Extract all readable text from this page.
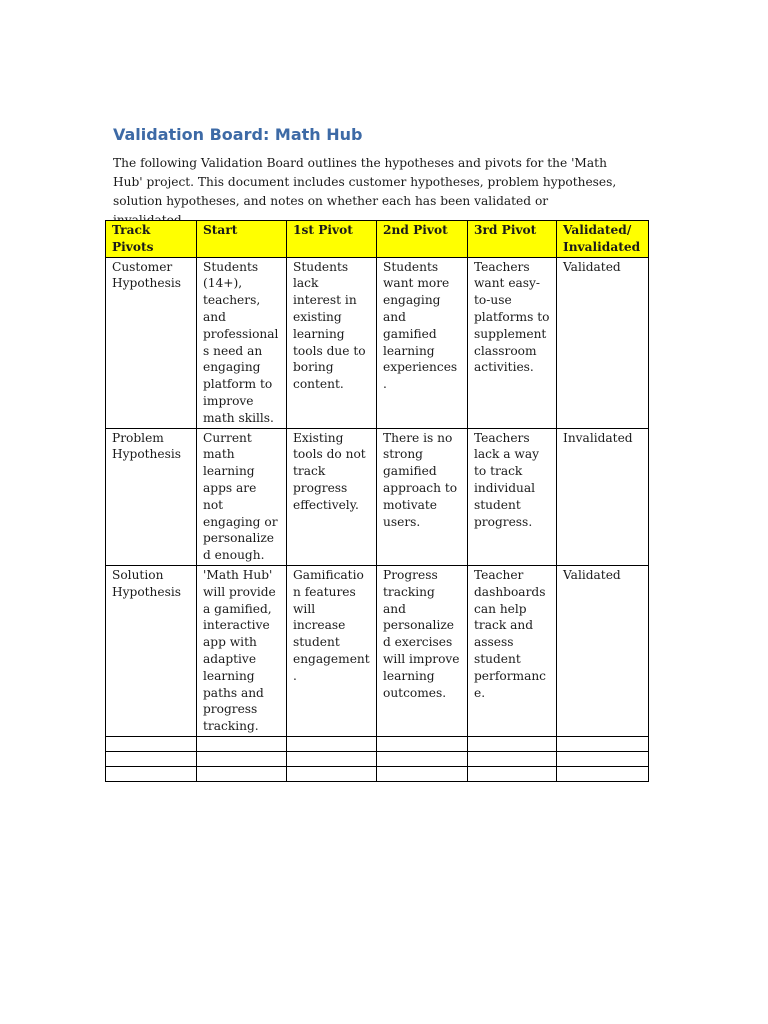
Validation Board: Math Hub

The following Validation Board outlines the hypotheses and pivots for the 'Math Hub' project. This document includes customer hypotheses, problem hypotheses, solution hypotheses, and notes on whether each has been validated or

Track Pivots	Start	1st Pivot	2nd Pivot	3rd Pivot	Validated/ Invalidated
Customer Hypothesis	Students (14+), teachers, and professionals need an engaging platform to improve math skills.	Students lack interest in existing learning tools due to boring content.	Students want more engaging and gamified learning experiences.	Teachers want easy-to-use platforms to supplement classroom activities.	Validated
Problem Hypothesis	Current math learning apps are not engaging or personalized enough.	Existing tools do not track progress effectively.	There is no strong gamified approach to motivate users.	Teachers lack a way to track individual student progress.	Invalidated
Solution Hypothesis	'Math Hub' will provide a gamified, interactive app with adaptive learning paths and progress tracking.	Gamification features will increase student engagement.	Progress tracking and personalized exercises will improve learning outcomes.	Teacher dashboards can help track and assess student performance.	Validated
